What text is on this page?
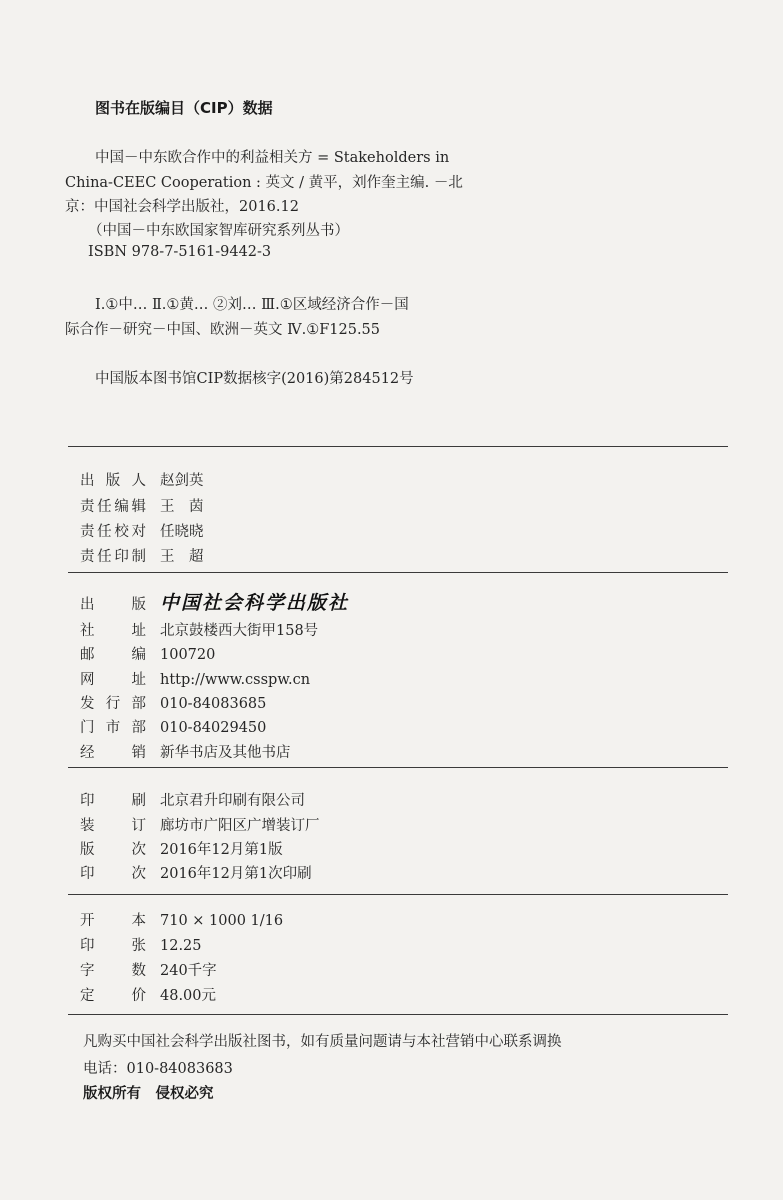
图书在版编目（CIP）数据
中国－中东欧合作中的利益相关方 = Stakeholders in
China-CEEC Cooperation : 英文 / 黄平，刘作奎主编. －北
京：中国社会科学出版社，2016.12
（中国－中东欧国家智库研究系列丛书）
ISBN 978-7-5161-9442-3
Ⅰ.①中… Ⅱ.①黄… ②刘… Ⅲ.①区域经济合作－国
际合作－研究－中国、欧洲－英文 Ⅳ.①F125.55
中国版本图书馆CIP数据核字(2016)第284512号
出版人 赵剑英
责任编辑 王　茵
责任校对 任晓晓
责任印制 王　超
出版 中国社会科学出版社
社址 北京鼓楼西大街甲158号
邮编 100720
网址 http://www.csspw.cn
发行部 010-84083685
门市部 010-84029450
经销 新华书店及其他书店
印刷 北京君升印刷有限公司
装订 廊坊市广阳区广增装订厂
版次 2016年12月第1版
印次 2016年12月第1次印刷
开本 710 × 1000 1/16
印张 12.25
字数 240千字
定价 48.00元
凡购买中国社会科学出版社图书，如有质量问题请与本社营销中心联系调换
电话：010-84083683
版权所有　侵权必究
